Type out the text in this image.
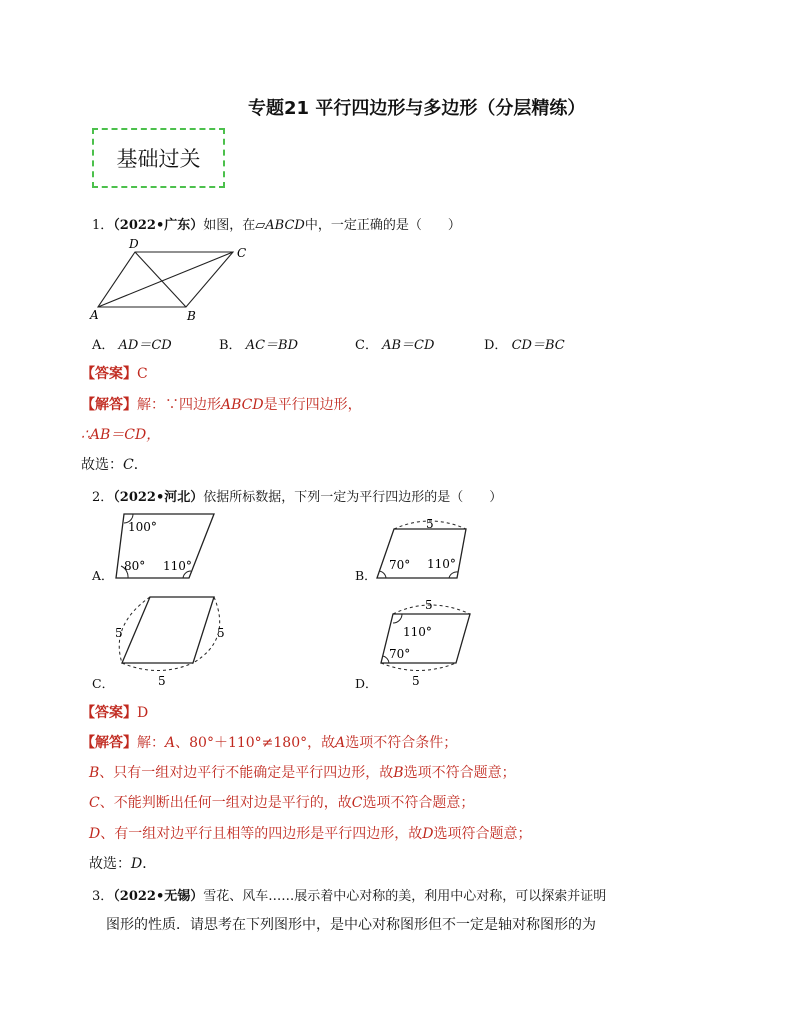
专题21 平行四边形与多边形（分层精练）
基础过关
1．（2022•广东）如图，在▱ABCD中，一定正确的是（　　）
A	B
C
D
A． AD＝CD	B． AC＝BD	C． AB＝CD	D． CD＝BC
【答案】C
【解答】解：∵四边形ABCD是平行四边形，
∴AB＝CD，
故选：C．
2．（2022•河北）依据所标数据，下列一定为平行四边形的是（　　）
100°
80° 110°
5
70° 110°
5	5
5
5
110°
70°
5
A．	B．
C．	D．
【答案】D
【解答】解：A、80°＋110°≠180°，故A选项不符合条件；
B、只有一组对边平行不能确定是平行四边形，故B选项不符合题意；
C、不能判断出任何一组对边是平行的，故C选项不符合题意；
D、有一组对边平行且相等的四边形是平行四边形，故D选项符合题意；
故选：D．
3．（2022•无锡）雪花、风车……展示着中心对称的美，利用中心对称，可以探索并证明
图形的性质．请思考在下列图形中，是中心对称图形但不一定是轴对称图形的为
